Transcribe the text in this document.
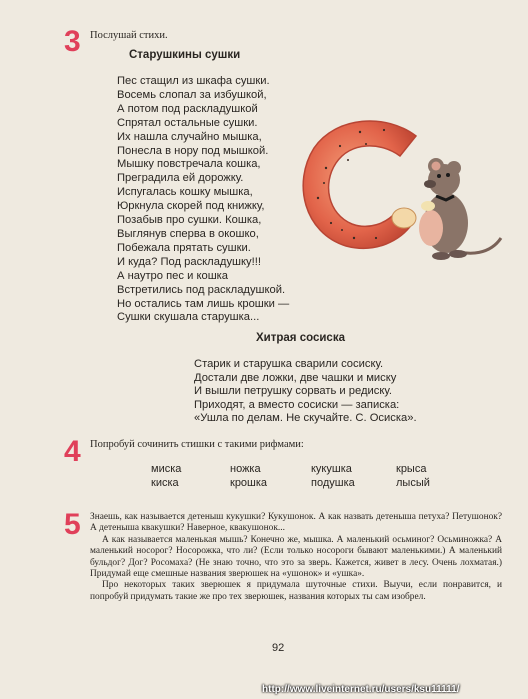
3 Послушай стихи.
Старушкины сушки
Пес стащил из шкафа сушки.
Восемь слопал за избушкой,
А потом под раскладушкой
Спрятал остальные сушки.
Их нашла случайно мышка,
Понесла в нору под мышкой.
Мышку повстречала кошка,
Преградила ей дорожку.
Испугалась кошку мышка,
Юркнула скорей под книжку,
Позабыв про сушки. Кошка,
Выглянув сперва в окошко,
Побежала прятать сушки.
И куда? Под раскладушку!!!
А наутро пес и кошка
Встретились под раскладушкой.
Но остались там лишь крошки —
Сушки скушала старушка...
Хитрая сосиска
Старик и старушка сварили сосиску.
Достали две ложки, две чашки и миску
И вышли петрушку сорвать и редиску.
Приходят, а вместо сосиски — записка:
«Ушла по делам. Не скучайте. С. Осиска».
4 Попробуй сочинить стишки с такими рифмами:
миска
киска
ножка
крошка
кукушка
подушка
крыса
лысый
5 Знаешь, как называется детеныш кукушки? Кукушонок. А как назвать детеныша петуха? Петушонок? А детеныша квакушки? Наверное, квакушонок...

А как называется маленькая мышь? Конечно же, мышка. А маленький осьминог? Осьминожка? А маленький носорог? Носорожка, что ли? (Если только носороги бывают маленькими.) А маленький бульдог? Дог? Росомаха? (Не знаю точно, что это за зверь. Кажется, живет в лесу. Очень лохматая.) Придумай еще смешные названия зверюшек на «ушонок» и «ушка».

Про некоторых таких зверюшек я придумала шуточные стихи. Выучи, если понравится, и попробуй придумать такие же про тех зверюшек, названия которых ты сам изобрел.

92
http://www.liveinternet.ru/users/ksu11111/
